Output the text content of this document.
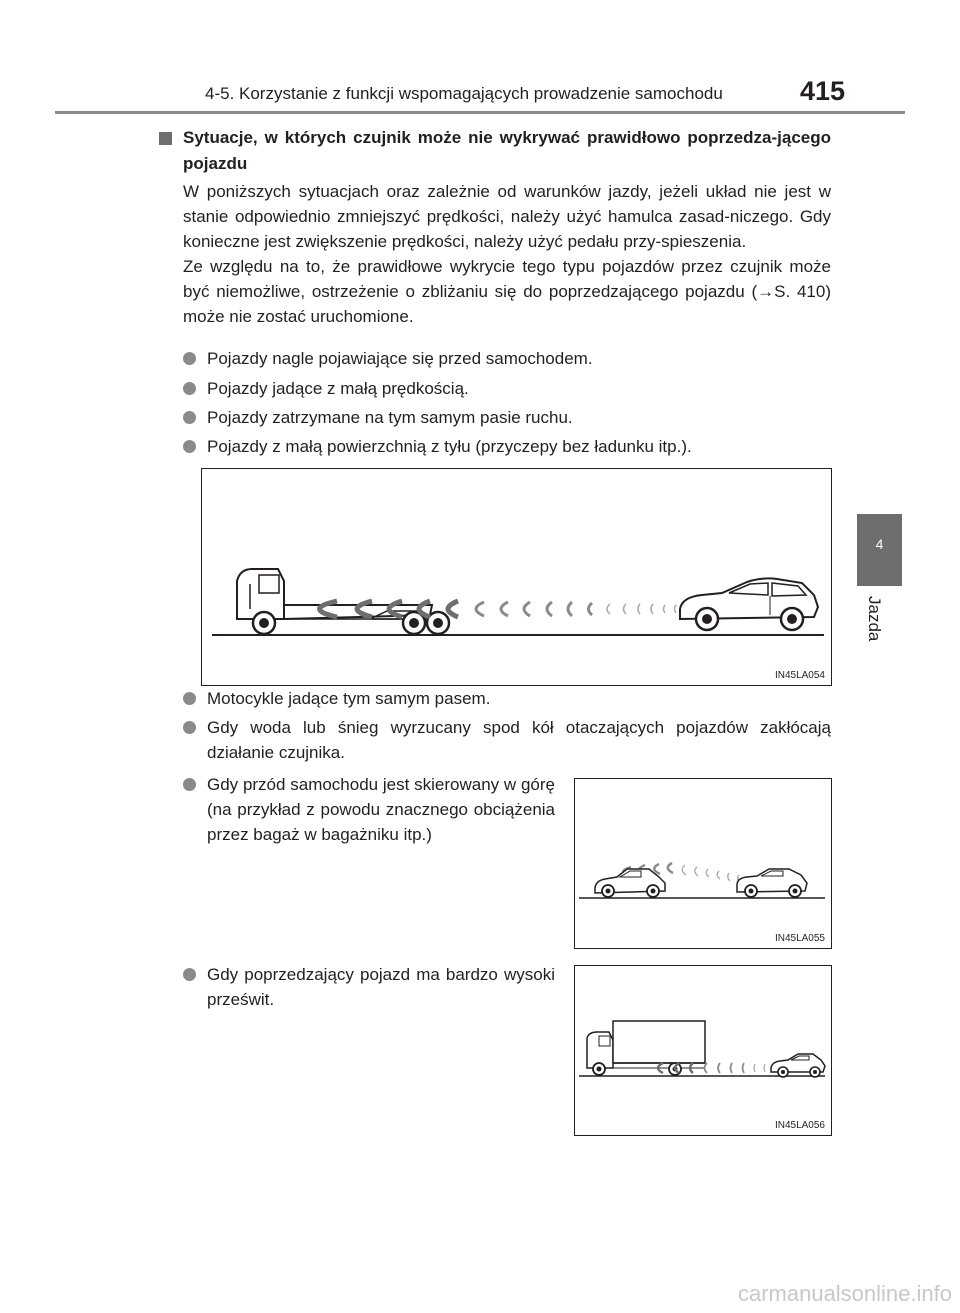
4-5. Korzystanie z funkcji wspomagających prowadzenie samochodu	415
4
Jazda
Sytuacje, w których czujnik może nie wykrywać prawidłowo poprzedza-jącego pojazdu

W poniższych sytuacjach oraz zależnie od warunków jazdy, jeżeli układ nie jest w stanie odpowiednio zmniejszyć prędkości, należy użyć hamulca zasad-niczego. Gdy konieczne jest zwiększenie prędkości, należy użyć pedału przy-spieszenia.

Ze względu na to, że prawidłowe wykrycie tego typu pojazdów przez czujnik może być niemożliwe, ostrzeżenie o zbliżaniu się do poprzedzającego pojazdu (→S. 410) może nie zostać uruchomione.

Pojazdy nagle pojawiające się przed samochodem.
Pojazdy jadące z małą prędkością.
Pojazdy zatrzymane na tym samym pasie ruchu.
Pojazdy z małą powierzchnią z tyłu (przyczepy bez ładunku itp.).
IN45LA054
Motocykle jadące tym samym pasem.
Gdy woda lub śnieg wyrzucany spod kół otaczających pojazdów zakłócają działanie czujnika.
Gdy przód samochodu jest skierowany w górę (na przykład z powodu znacznego obciążenia przez bagaż w bagażniku itp.)
IN45LA055
Gdy poprzedzający pojazd ma bardzo wysoki prześwit.
IN45LA056
carmanualsonline.info
